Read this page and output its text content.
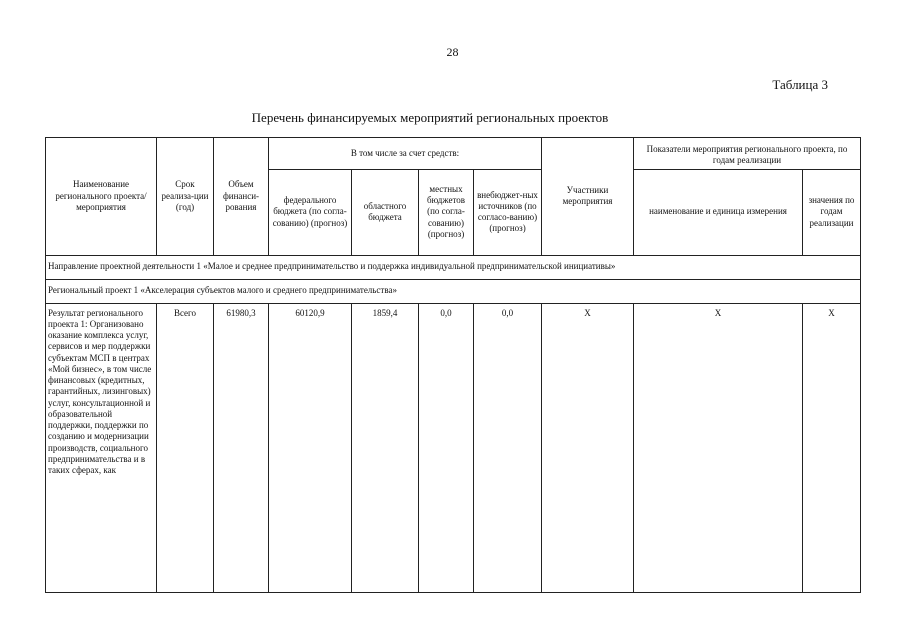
28
Таблица 3
Перечень финансируемых мероприятий региональных проектов
Наименование регионального проекта/мероприятия	Срок реализа-ции (год)	Объем финанси-рования	В том числе за счет средств:				Участники мероприятия	Показатели мероприятия регионального проекта, по годам реализации	
			федерального бюджета (по согла-сованию) (прогноз)	областного бюджета	местных бюджетов (по согла-сованию) (прогноз)	внебюджет-ных источников (по согласо-ванию) (прогноз)		наименование и единица измерения	значения по годам реализации
Направление проектной деятельности 1 «Малое и среднее предпринимательство и поддержка индивидуальной предпринимательской инициативы»									
Региональный проект 1 «Акселерация субъектов малого и среднего предпринимательства»									
Результат регионального проекта 1: Организовано оказание комплекса услуг, сервисов и мер поддержки субъектам МСП в центрах «Мой бизнес», в том числе финансовых (кредитных, гарантийных, лизинговых) услуг, консультационной и образовательной поддержки, поддержки по созданию и модернизации производств, социального предпринимательства и в таких сферах, как	Всего	61980,3	60120,9	1859,4	0,0	0,0	Х	Х	Х
